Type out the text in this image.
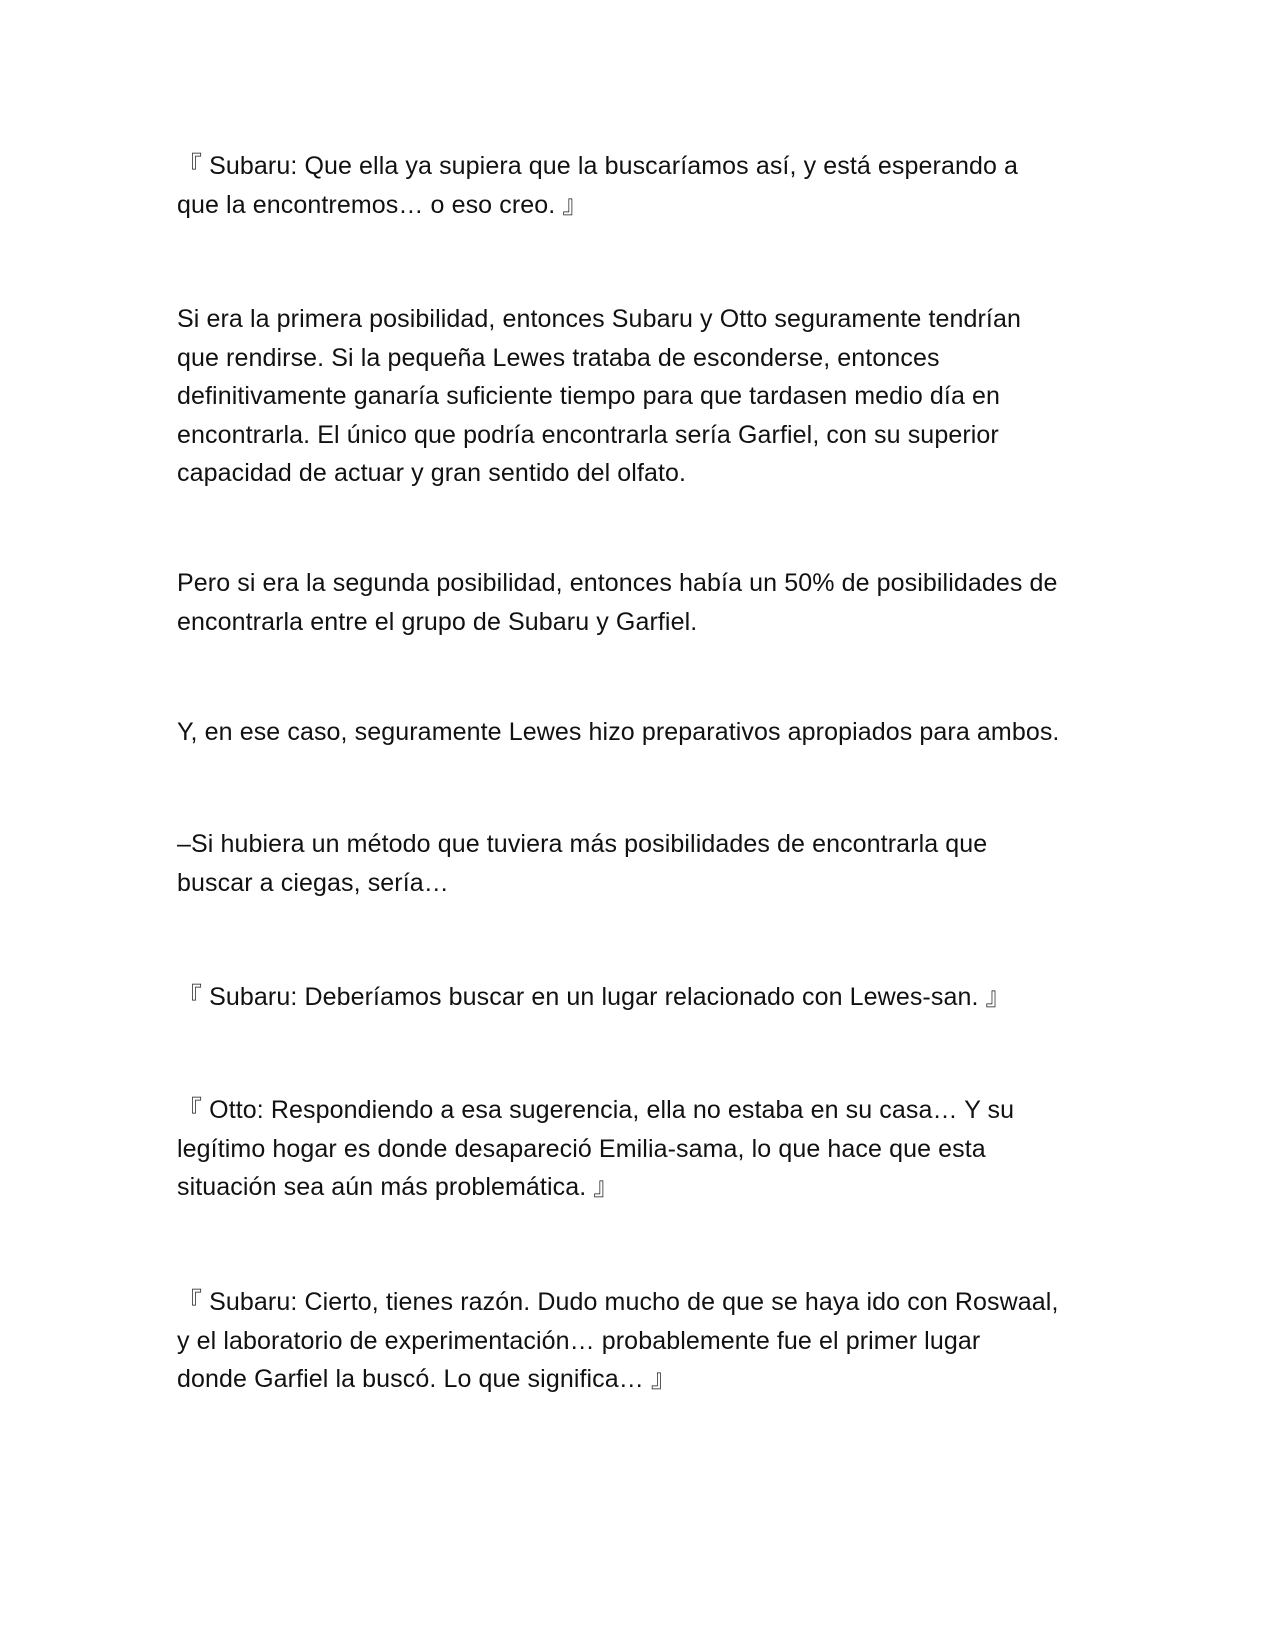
『 Subaru: Que ella ya supiera que la buscaríamos así, y está esperando a
que la encontremos… o eso creo. 』

Si era la primera posibilidad, entonces Subaru y Otto seguramente tendrían
que rendirse. Si la pequeña Lewes trataba de esconderse, entonces
definitivamente ganaría suficiente tiempo para que tardasen medio día en
encontrarla. El único que podría encontrarla sería Garfiel, con su superior
capacidad de actuar y gran sentido del olfato.

Pero si era la segunda posibilidad, entonces había un 50% de posibilidades de
encontrarla entre el grupo de Subaru y Garfiel.

Y, en ese caso, seguramente Lewes hizo preparativos apropiados para ambos.

–Si hubiera un método que tuviera más posibilidades de encontrarla que
buscar a ciegas, sería…

『 Subaru: Deberíamos buscar en un lugar relacionado con Lewes-san. 』

『 Otto: Respondiendo a esa sugerencia, ella no estaba en su casa… Y su
legítimo hogar es donde desapareció Emilia-sama, lo que hace que esta
situación sea aún más problemática. 』

『 Subaru: Cierto, tienes razón. Dudo mucho de que se haya ido con Roswaal,
y el laboratorio de experimentación… probablemente fue el primer lugar
donde Garfiel la buscó. Lo que significa… 』
